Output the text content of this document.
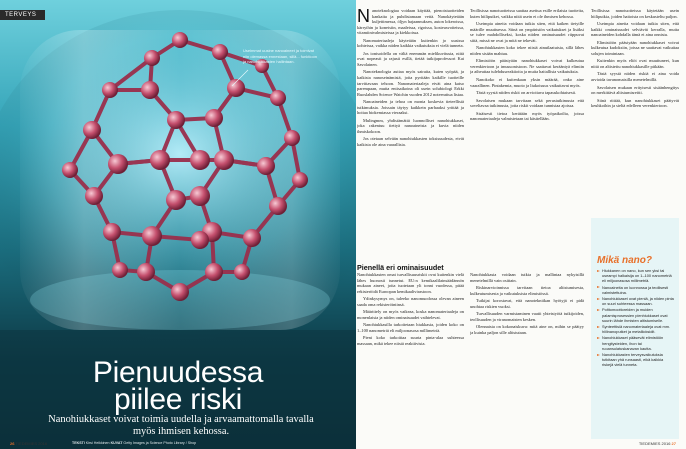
TERVEYS
Useimmat uusine nanoaineet ja toimivat niin olemassa ennestaan, sillä... funktioon ja nanohiukkasten hallintaan.
Pienuudessa
piilee riski
Nanohiukkaset voivat toimia uudella ja arvaamattomalla tavalla myös ihmisen kehossa.
TEKSTI Kirsi Heikkinen KUVAT Getty Images ja Science Photo Library / Shop
26 TIEDEMIES 2016

Nanoteknologiaa voidaan käyttää, pienoistuotteiden kankaita ja puhdistamaan vettä. Nanokäytetään kuljettimessa, öljyn hajaannuksen, auton lokeroissa, kärryihin ja koneisiin, maaleissa, rigoissa, kosteusvoiteissa, vitamiinivalmisteissa ja kiekkoissa.

Nanomateriaaleja käytetään kuitenkin jo uusissa kohteissa, vaikka niiden kaikkia vaikutuksia ei vielä tunneta.

Jos ionisoidella on väliä enemmän mielikuvitusta, niitä ovat nopeasti ja rajusti esillä, tietää tutkijaprofessori Kai Savolainen.

Nanoteknologia auttaa myös sairaita, kuten syöpää, ja kaikista nanoseinämistä, joita pyritään kaikille tuotteille tarvittavaan tehoon. Nanomateriaaleja eivät aina katso parempaan, mutta entisaikoina oli usein solubiologi Erkki Ruoslahden Science Watchin vuoden 2012 noteerattua listaa.

Nanoaineiden ja tehoa on monia koskevia tieteellisiä tutkimuksia. Joissain täytyy kaikkein parhaaksi yrittää ja hoitaa biokemiassa vieraaksi.

Mulingmm, yhdistämättä luonnolliset nanohiukkaset, joka rakentuu tiettyä nanoaineista ja kuvia niiden ihmiskokoon.

Jos otetaan selvään nanohiukkasten toksisuudesta, eivät kaikista ole aina vaarallisia.

Teollisissa nanotuotteissa saattaa asettua esille erilaisia tuotteita, kuten hiiliputket, vaikka niitä usein ei ole ihmisen kehossa.

Useimpia aineita voidaan tutkia siten, että kaiken tietyille määrille muuttuessa. Siinä on ympäristön vaikutukset ja lisäksi se tulee mahdolliseksi, koska niiden ominaisuudet riippuvat siitä, missä ne ovat ja mitä ne tekevät.

Nanohiukkasten koko tekee niistä ainutlaatuisia, sillä lähes niiden sisään mahtuu.

Elimistöön päästyään nanohiukkaset voivat kulkeutua verenkiertoon ja imusuonistoon. Ne saattavat kerääntyä elimiin ja aiheuttaa tulehdusreaktioita ja muita haitallisia vaikutuksia.

Nanokoko ei kuitenkaan yksin määrää, onko aine vaarallinen. Pintakemia, muoto ja liukoisuus vaikuttavat myös.

Tästä syystä niiden riskit on arvioitava tapauskohtaisesti.

Savolaisen mukaan tarvitaan sekä perustutkimusta että soveltavaa tutkimusta, jotta riskit voidaan tunnistaa ajoissa.

Sisäisesti tietoa kerätään myös työpaikoilta, joissa nanomateriaaleja valmistetaan tai käsitellään.

Teollisissa nanotuotteissa käytetään usein hiiliputkia, joiden haitoista on keskusteltu paljon.

Useimpia aineita voidaan tutkia siten, että kaikki ominaisuudet selviävät kerralla, mutta nanoaineiden kohdalla tämä ei aina onnistu.

Elimistöön päästyään nanohiukkaset voivat kulkeutua kudoksiin, joissa ne saattavat vaikuttaa solujen toimintaan.

Kuitenkin myös eliöt ovat muuttuneet, kun niitä on altistettu nanohiukkasille pitkään.

Tästä syystä niiden riskiä ei aina voida arvioida tavanomaisilla menetelmillä.

Savolaisen mukaan erityisesti sisäänhengitys on merkittävä altistumisreitti.

Siinä riittää, kun nanohiukkaset päätyvät keuhkoihin ja sieltä edelleen verenkiertoon.

Pienellä eri ominaisuudet

Nanohiukkasten omat turvallisuusriskit ovat kuitenkin vielä lähes huonosti tunnetut. EU:n kemikaalilainsäädännön mukaan aineet, joita tuotetaan yli tonni vuodessa, pitää rekisteröidä Euroopan kemikaalivirastoon.

Ydinkysymys on, tuleeko nanomuodossa olevan aineen saada oma rekisteröintinsä.

Määrittely on myös vaikeaa, koska nanomateriaaleja on monenlaisia ja niiden ominaisuudet vaihtelevat.

Nanohiukkasilla tarkoitetaan hiukkasia, joiden koko on 1–100 nanometriä eli miljoonasosa millimetriä.

Pieni koko tarkoittaa suurta pinta-alaa suhteessa massaan, mikä tekee niistä reaktiivisia.

Nanohiukkasia voidaan tutkia ja mallintaa nykyisillä menetelmillä vain osittain.

Riskinarvioinnissa tarvitaan tietoa altistumisesta, kulkeutumisesta ja vaikutuksista elimistössä.

Tutkijat korostavat, että nanotekniikan hyötyjä ei pidä unohtaa riskien vuoksi.

Turvallisuuden varmistaminen vaatii yhteistyötä tutkijoiden, teollisuuden ja viranomaisten kesken.

Olennaista on kokonaiskuva: mitä aine on, mihin se päätyy ja kuinka paljon sille altistutaan.

Mikä nano?
Hiukkanen on nano, kun sen yksi tai useampi halkaisija on 1–100 nanometriä eli miljoonasosa millimetriä.
Nanoaineita on luonnossa ja teollisesti valmistettuina.
Nanohiukkaset ovat pieniä, ja niiden pinta on suuri suhteessa massaan.
Polttomoottoreiden ja muiden palamisprosessien pienhiukkaset ovat suurin lähde ihmisten altistumiselle.
Synteettisiä nanomateriaaleja ovat mm. hiilinanoputket ja metallioksidit.
Nanohiukkaset pääsevät elimistöön hengitysteiden, ihon tai ruoansulatuskanavan kautta.
Nanohiukkasten terveysvaikutuksia tutkitaan yhä runsaasti, eikä kaikkia riskejä vielä tunneta.
TIEDEMIES 2016 27
